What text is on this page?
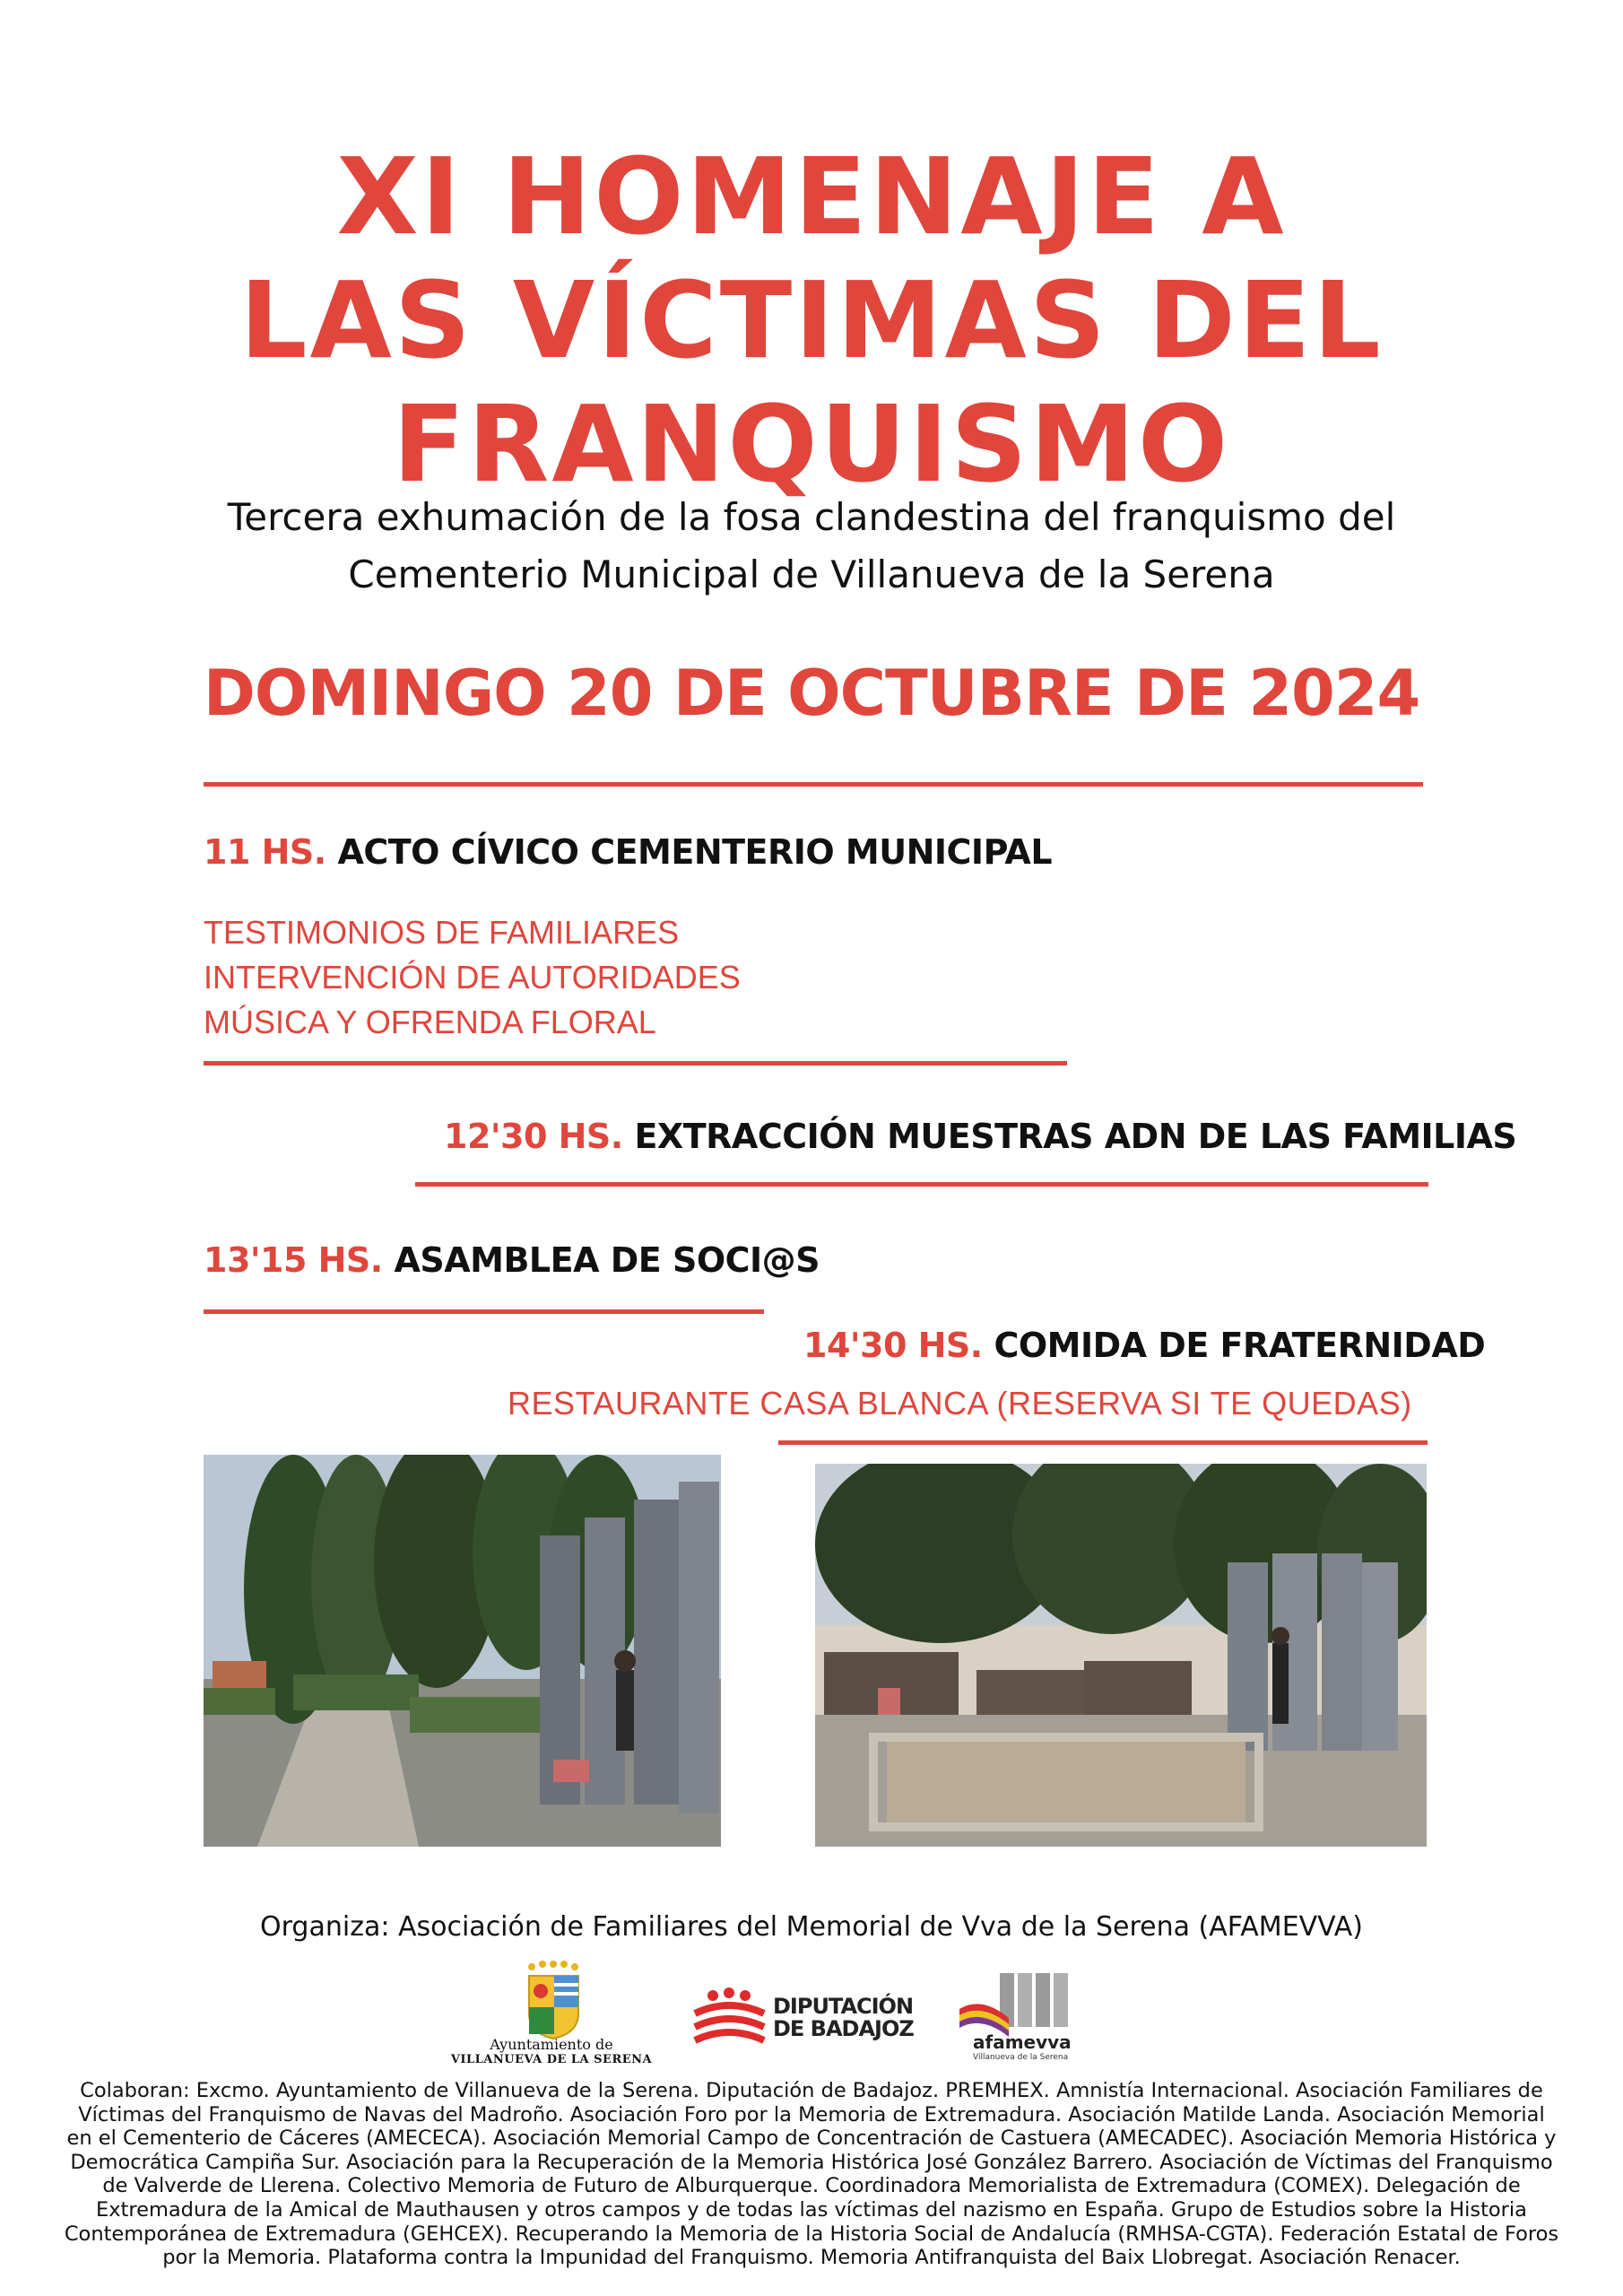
XI HOMENAJE A
LAS VÍCTIMAS DEL
FRANQUISMO
Tercera exhumación de la fosa clandestina del franquismo del
Cementerio Municipal de Villanueva de la Serena
DOMINGO 20 DE OCTUBRE DE 2024
11 HS. ACTO CÍVICO CEMENTERIO MUNICIPAL
TESTIMONIOS DE FAMILIARES
INTERVENCIÓN DE AUTORIDADES
MÚSICA Y OFRENDA FLORAL
12'30 HS. EXTRACCIÓN MUESTRAS ADN DE LAS FAMILIAS
13'15 HS. ASAMBLEA DE SOCI@S
14'30 HS. COMIDA DE FRATERNIDAD
RESTAURANTE CASA BLANCA (RESERVA SI TE QUEDAS)
Organiza: Asociación de Familiares del Memorial de Vva de la Serena (AFAMEVVA)
Ayuntamiento de
VILLANUEVA DE LA SERENA
DIPUTACIÓN
DE BADAJOZ
afamevva
Villanueva de la Serena
Colaboran: Excmo. Ayuntamiento de Villanueva de la Serena. Diputación de Badajoz. PREMHEX. Amnistía Internacional. Asociación Familiares de Víctimas del Franquismo de Navas del Madroño. Asociación Foro por la Memoria de Extremadura. Asociación Matilde Landa. Asociación Memorial en el Cementerio de Cáceres (AMECECA). Asociación Memorial Campo de Concentración de Castuera (AMECADEC). Asociación Memoria Histórica y Democrática Campiña Sur. Asociación para la Recuperación de la Memoria Histórica José González Barrero. Asociación de Víctimas del Franquismo de Valverde de Llerena. Colectivo Memoria de Futuro de Alburquerque. Coordinadora Memorialista de Extremadura (COMEX). Delegación de Extremadura de la Amical de Mauthausen y otros campos y de todas las víctimas del nazismo en España. Grupo de Estudios sobre la Historia Contemporánea de Extremadura (GEHCEX). Recuperando la Memoria de la Historia Social de Andalucía (RMHSA-CGTA). Federación Estatal de Foros por la Memoria. Plataforma contra la Impunidad del Franquismo. Memoria Antifranquista del Baix Llobregat. Asociación Renacer.
